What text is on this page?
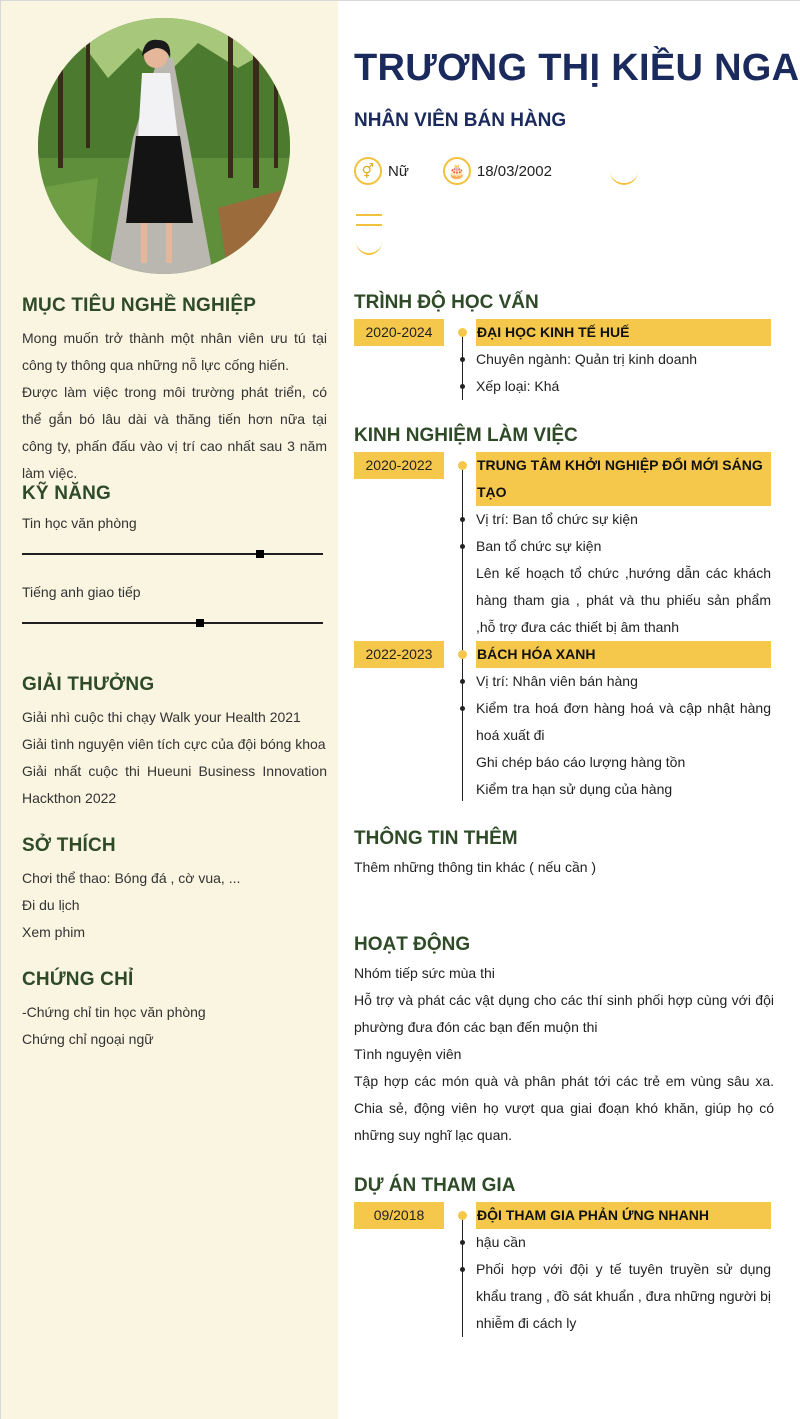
MỤC TIÊU NGHỀ NGHIỆP
Mong muốn trở thành một nhân viên ưu tú tại công ty thông qua những nỗ lực cống hiến.
Được làm việc trong môi trường phát triển, có thể gắn bó lâu dài và thăng tiến hơn nữa tại công ty, phấn đấu vào vị trí cao nhất sau 3 năm làm việc.
KỸ NĂNG
Tin học văn phòng
Tiếng anh giao tiếp
GIẢI THƯỞNG
Giải nhì cuộc thi chạy Walk your Health 2021
Giải tình nguyện viên tích cực của đội bóng khoa
Giải nhất cuộc thi Hueuni Business Innovation Hackthon 2022
SỞ THÍCH
Chơi thể thao: Bóng đá , cờ vua, ...
Đi du lịch
Xem phim
CHỨNG CHỈ
-Chứng chỉ tin học văn phòng
Chứng chỉ ngoại ngữ
TRƯƠNG THỊ KIỀU NGA
NHÂN VIÊN BÁN HÀNG
⚥ Nữ	🎂 18/03/2002
TRÌNH ĐỘ HỌC VẤN
2020-2024	ĐẠI HỌC KINH TẾ HUẾ
Chuyên ngành: Quản trị kinh doanh
Xếp loại: Khá
KINH NGHIỆM LÀM VIỆC
2020-2022	TRUNG TÂM KHỞI NGHIỆP ĐỔI MỚI SÁNG TẠO
Vị trí: Ban tổ chức sự kiện
Ban tổ chức sự kiện
Lên kế hoạch tổ chức ,hướng dẫn các khách hàng tham gia , phát và thu phiếu sản phẩm ,hỗ trợ đưa các thiết bị âm thanh
2022-2023	BÁCH HÓA XANH
Vị trí: Nhân viên bán hàng
Kiểm tra hoá đơn hàng hoá và cập nhật hàng hoá xuất đi
Ghi chép báo cáo lượng hàng tồn
Kiểm tra hạn sử dụng của hàng
THÔNG TIN THÊM
Thêm những thông tin khác ( nếu cần )
HOẠT ĐỘNG
Nhóm tiếp sức mùa thi
Hỗ trợ và phát các vật dụng cho các thí sinh phối hợp cùng với đội phường đưa đón các bạn đến muộn thi
Tình nguyện viên
Tập hợp các món quà và phân phát tới các trẻ em vùng sâu xa. Chia sẻ, động viên họ vượt qua giai đoạn khó khăn, giúp họ có những suy nghĩ lạc quan.
DỰ ÁN THAM GIA
09/2018	ĐỘI THAM GIA PHẢN ỨNG NHANH
hậu cần
Phối hợp với đội y tế tuyên truyền sử dụng khẩu trang , đồ sát khuẩn , đưa những người bị nhiễm đi cách ly
